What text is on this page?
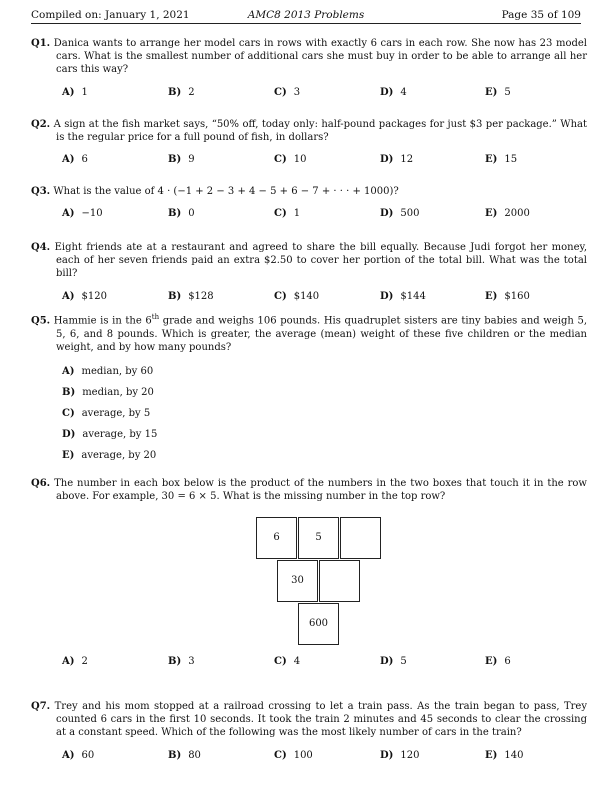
Compiled on: January 1, 2021	AMC8 2013 Problems	Page 35 of 109
Q1. Danica wants to arrange her model cars in rows with exactly 6 cars in each row. She now has 23 model cars. What is the smallest number of additional cars she must buy in order to be able to arrange all her cars this way?
A) 1	B) 2	C) 3	D) 4	E) 5
Q2. A sign at the fish market says, “50% off, today only: half-pound packages for just $3 per package.” What is the regular price for a full pound of fish, in dollars?
A) 6	B) 9	C) 10	D) 12	E) 15
Q3. What is the value of 4 · (−1 + 2 − 3 + 4 − 5 + 6 − 7 + · · · + 1000)?
A) −10	B) 0	C) 1	D) 500	E) 2000
Q4. Eight friends ate at a restaurant and agreed to share the bill equally. Because Judi forgot her money, each of her seven friends paid an extra $2.50 to cover her portion of the total bill. What was the total bill?
A) $120	B) $128	C) $140	D) $144	E) $160
Q5. Hammie is in the 6th grade and weighs 106 pounds. His quadruplet sisters are tiny babies and weigh 5, 5, 6, and 8 pounds. Which is greater, the average (mean) weight of these five children or the median weight, and by how many pounds?
A) median, by 60
B) median, by 20
C) average, by 5
D) average, by 15
E) average, by 20
Q6. The number in each box below is the product of the numbers in the two boxes that touch it in the row above. For example, 30 = 6 × 5. What is the missing number in the top row?
6	5
30
600
A) 2	B) 3	C) 4	D) 5	E) 6
Q7. Trey and his mom stopped at a railroad crossing to let a train pass. As the train began to pass, Trey counted 6 cars in the first 10 seconds. It took the train 2 minutes and 45 seconds to clear the crossing at a constant speed. Which of the following was the most likely number of cars in the train?
A) 60	B) 80	C) 100	D) 120	E) 140
